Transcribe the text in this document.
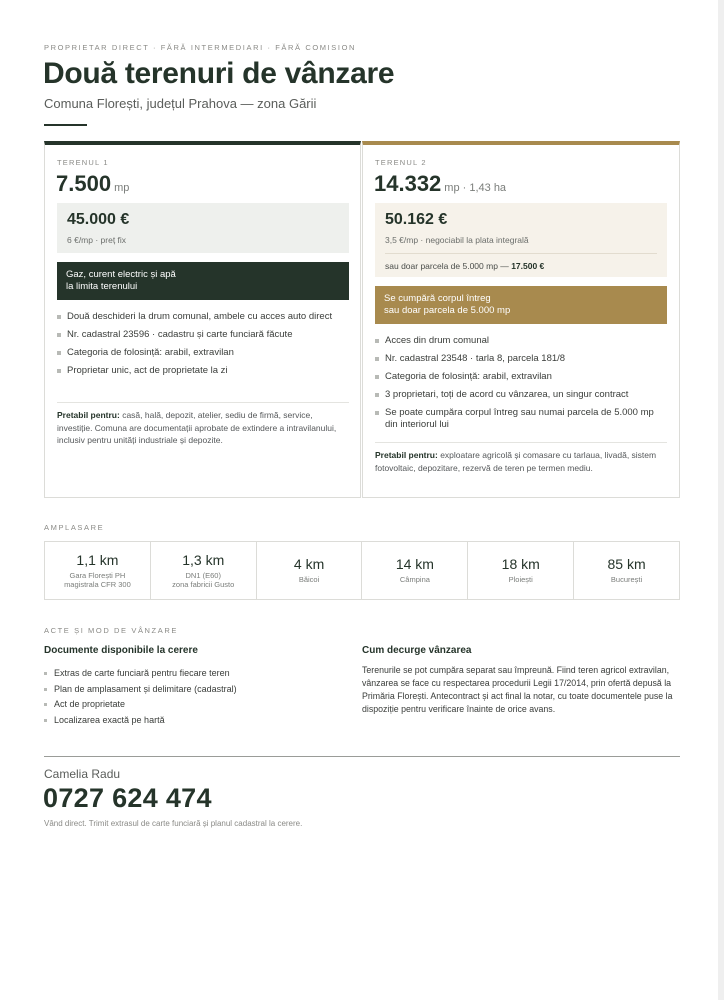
PROPRIETAR DIRECT · FĂRĂ INTERMEDIARI · FĂRĂ COMISION
Două terenuri de vânzare
Comuna Florești, județul Prahova — zona Gării
TERENUL 1
7.500 mp
45.000 €
6 €/mp · preț fix
Gaz, curent electric și apă
la limita terenului
Două deschideri la drum comunal, ambele cu acces auto direct
Nr. cadastral 23596 · cadastru și carte funciară făcute
Categoria de folosință: arabil, extravilan
Proprietar unic, act de proprietate la zi
Pretabil pentru: casă, hală, depozit, atelier, sediu de firmă, service, investiție. Comuna are documentații aprobate de extindere a intravilanului, inclusiv pentru unități industriale și depozite.
TERENUL 2
14.332 mp · 1,43 ha
50.162 €
3,5 €/mp · negociabil la plata integrală
sau doar parcela de 5.000 mp — 17.500 €
Se cumpără corpul întreg
sau doar parcela de 5.000 mp
Acces din drum comunal
Nr. cadastral 23548 · tarla 8, parcela 181/8
Categoria de folosință: arabil, extravilan
3 proprietari, toți de acord cu vânzarea, un singur contract
Se poate cumpăra corpul întreg sau numai parcela de 5.000 mp din interiorul lui
Pretabil pentru: exploatare agricolă și comasare cu tarlaua, livadă, sistem fotovoltaic, depozitare, rezervă de teren pe termen mediu.
AMPLASARE
1,1 km
Gara Florești PH
magistrala CFR 300
1,3 km
DN1 (E60)
zona fabricii Gusto
4 km
Băicoi
14 km
Câmpina
18 km
Ploiești
85 km
București
ACTE ȘI MOD DE VÂNZARE
Documente disponibile la cerere
Extras de carte funciară pentru fiecare teren
Plan de amplasament și delimitare (cadastral)
Act de proprietate
Localizarea exactă pe hartă
Cum decurge vânzarea
Terenurile se pot cumpăra separat sau împreună. Fiind teren agricol extravilan, vânzarea se face cu respectarea procedurii Legii 17/2014, prin ofertă depusă la Primăria Florești. Antecontract și act final la notar, cu toate documentele puse la dispoziție pentru verificare înainte de orice avans.
Camelia Radu
0727 624 474
Vând direct. Trimit extrasul de carte funciară și planul cadastral la cerere.
